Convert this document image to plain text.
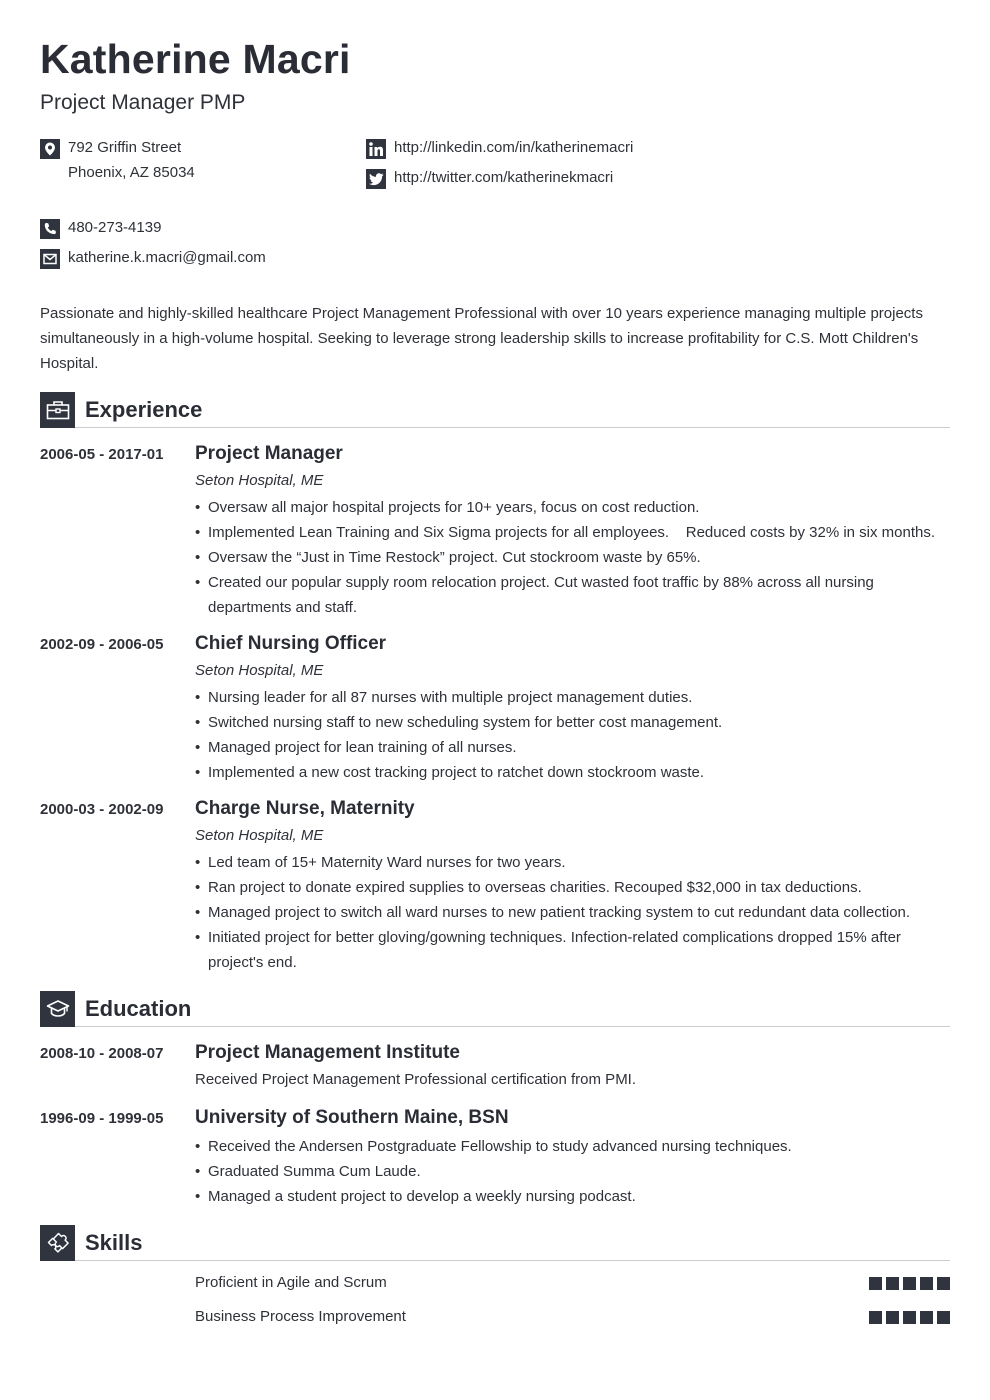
Katherine Macri
Project Manager PMP
792 Griffin Street
Phoenix, AZ 85034
480-273-4139
katherine.k.macri@gmail.com
http://linkedin.com/in/katherinemacri
http://twitter.com/katherinekmacri
Passionate and highly-skilled healthcare Project Management Professional with over 10 years experience managing multiple projects simultaneously in a high-volume hospital. Seeking to leverage strong leadership skills to increase profitability for C.S. Mott Children's Hospital.
Experience
2006-05 - 2017-01 Project Manager
Seton Hospital, ME
• Oversaw all major hospital projects for 10+ years, focus on cost reduction.
• Implemented Lean Training and Six Sigma projects for all employees.    Reduced costs by 32% in six months.
• Oversaw the “Just in Time Restock” project. Cut stockroom waste by 65%.
• Created our popular supply room relocation project. Cut wasted foot traffic by 88% across all nursing departments and staff.
2002-09 - 2006-05 Chief Nursing Officer
Seton Hospital, ME
• Nursing leader for all 87 nurses with multiple project management duties.
• Switched nursing staff to new scheduling system for better cost management.
• Managed project for lean training of all nurses.
• Implemented a new cost tracking project to ratchet down stockroom waste.
2000-03 - 2002-09 Charge Nurse, Maternity
Seton Hospital, ME
• Led team of 15+ Maternity Ward nurses for two years.
• Ran project to donate expired supplies to overseas charities. Recouped $32,000 in tax deductions.
• Managed project to switch all ward nurses to new patient tracking system to cut redundant data collection.
• Initiated project for better gloving/gowning techniques. Infection-related complications dropped 15% after project's end.
Education
2008-10 - 2008-07 Project Management Institute
Received Project Management Professional certification from PMI.
1996-09 - 1999-05 University of Southern Maine, BSN
• Received the Andersen Postgraduate Fellowship to study advanced nursing techniques.
• Graduated Summa Cum Laude.
• Managed a student project to develop a weekly nursing podcast.
Skills
Proficient in Agile and Scrum
Business Process Improvement
